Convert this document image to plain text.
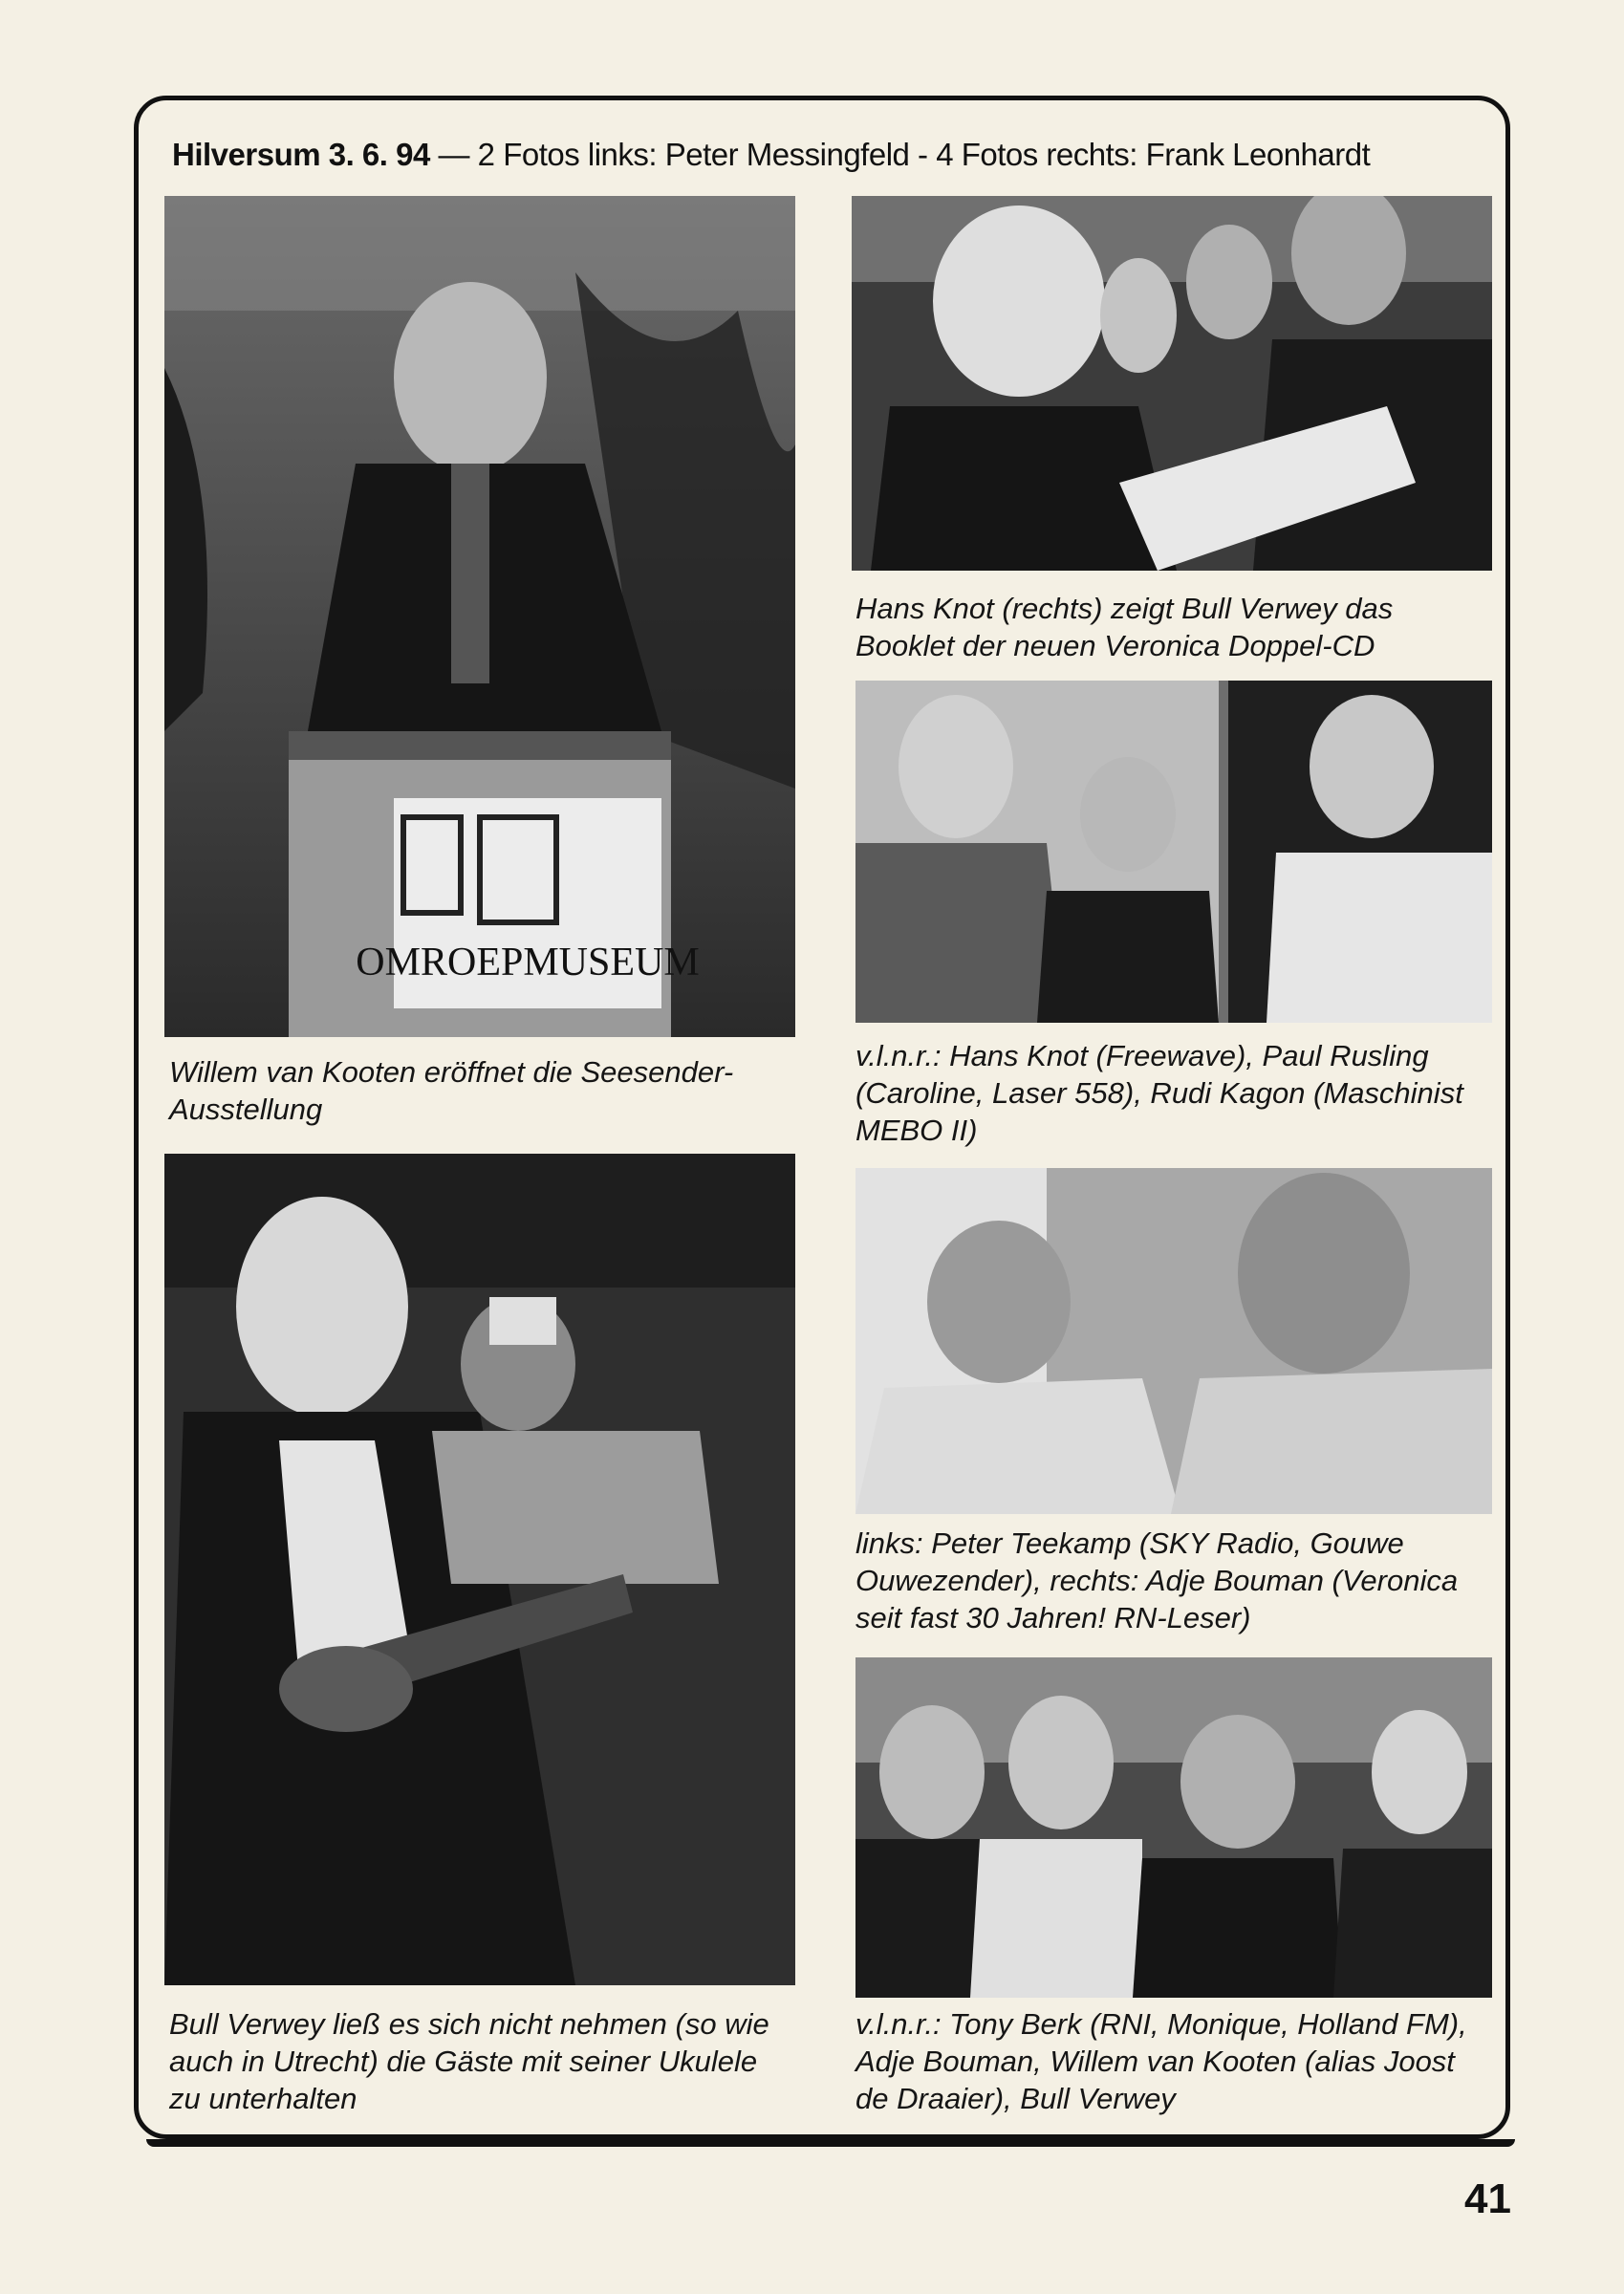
Hilversum 3. 6. 94 — 2 Fotos links: Peter Messingfeld - 4 Fotos rechts: Frank Leonhardt
OMROEPMUSEUM
Willem van Kooten eröffnet die Seesender-Ausstellung
Bull Verwey ließ es sich nicht nehmen (so wie auch in Utrecht) die Gäste mit seiner Ukulele zu unterhalten
Hans Knot (rechts) zeigt Bull Verwey das Booklet der neuen Veronica Doppel-CD
v.l.n.r.: Hans Knot (Freewave), Paul Rusling (Caroline, Laser 558), Rudi Kagon (Maschinist MEBO II)
links: Peter Teekamp (SKY Radio, Gouwe Ouwezender), rechts: Adje Bouman (Veronica seit fast 30 Jahren! RN-Leser)
v.l.n.r.: Tony Berk (RNI, Monique, Holland FM), Adje Bouman, Willem van Kooten (alias Joost de Draaier), Bull Verwey
41
